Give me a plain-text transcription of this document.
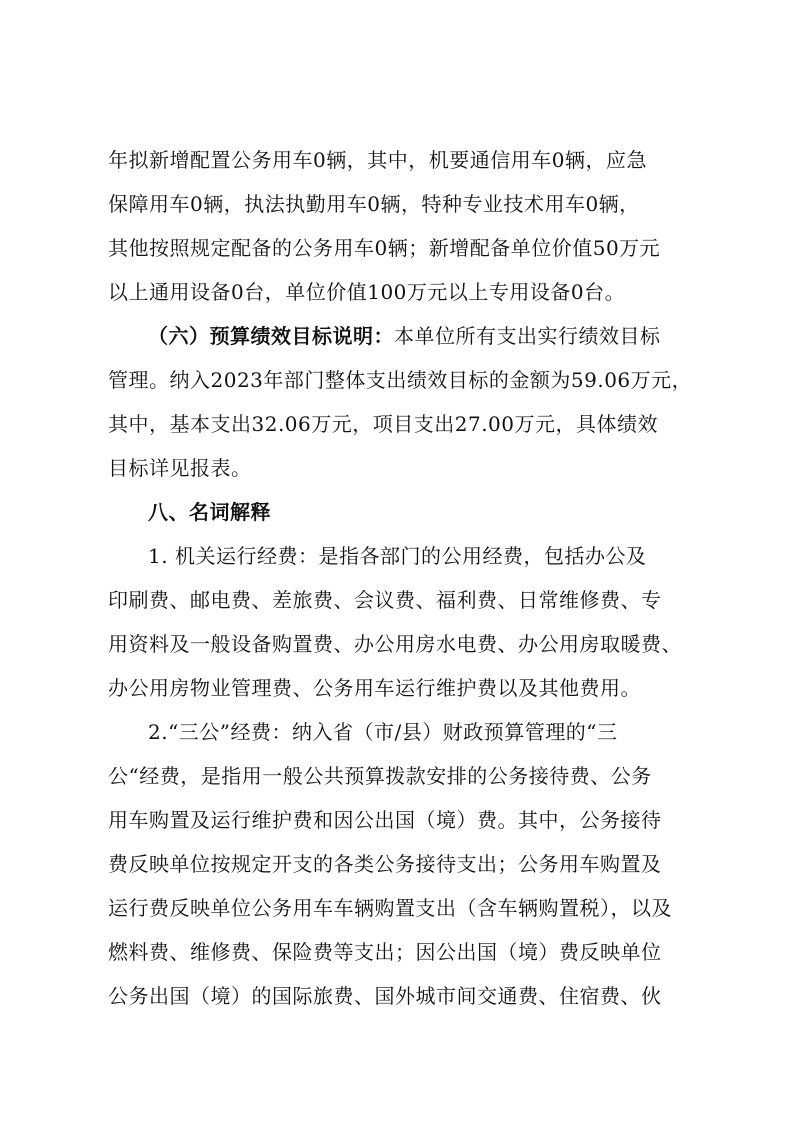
年拟新增配置公务用车0辆，其中，机要通信用车0辆，应急
保障用车0辆，执法执勤用车0辆，特种专业技术用车0辆，
其他按照规定配备的公务用车0辆；新增配备单位价值50万元
以上通用设备0台，单位价值100万元以上专用设备0台。
（六）预算绩效目标说明：本单位所有支出实行绩效目标
管理。纳入2023年部门整体支出绩效目标的金额为59.06万元，
其中，基本支出32.06万元，项目支出27.00万元，具体绩效
目标详见报表。
八、名词解释
1. 机关运行经费：是指各部门的公用经费，包括办公及
印刷费、邮电费、差旅费、会议费、福利费、日常维修费、专
用资料及一般设备购置费、办公用房水电费、办公用房取暖费、
办公用房物业管理费、公务用车运行维护费以及其他费用。
2.“三公”经费：纳入省（市/县）财政预算管理的“三
公“经费，是指用一般公共预算拨款安排的公务接待费、公务
用车购置及运行维护费和因公出国（境）费。其中，公务接待
费反映单位按规定开支的各类公务接待支出；公务用车购置及
运行费反映单位公务用车车辆购置支出（含车辆购置税），以及
燃料费、维修费、保险费等支出；因公出国（境）费反映单位
公务出国（境）的国际旅费、国外城市间交通费、住宿费、伙
